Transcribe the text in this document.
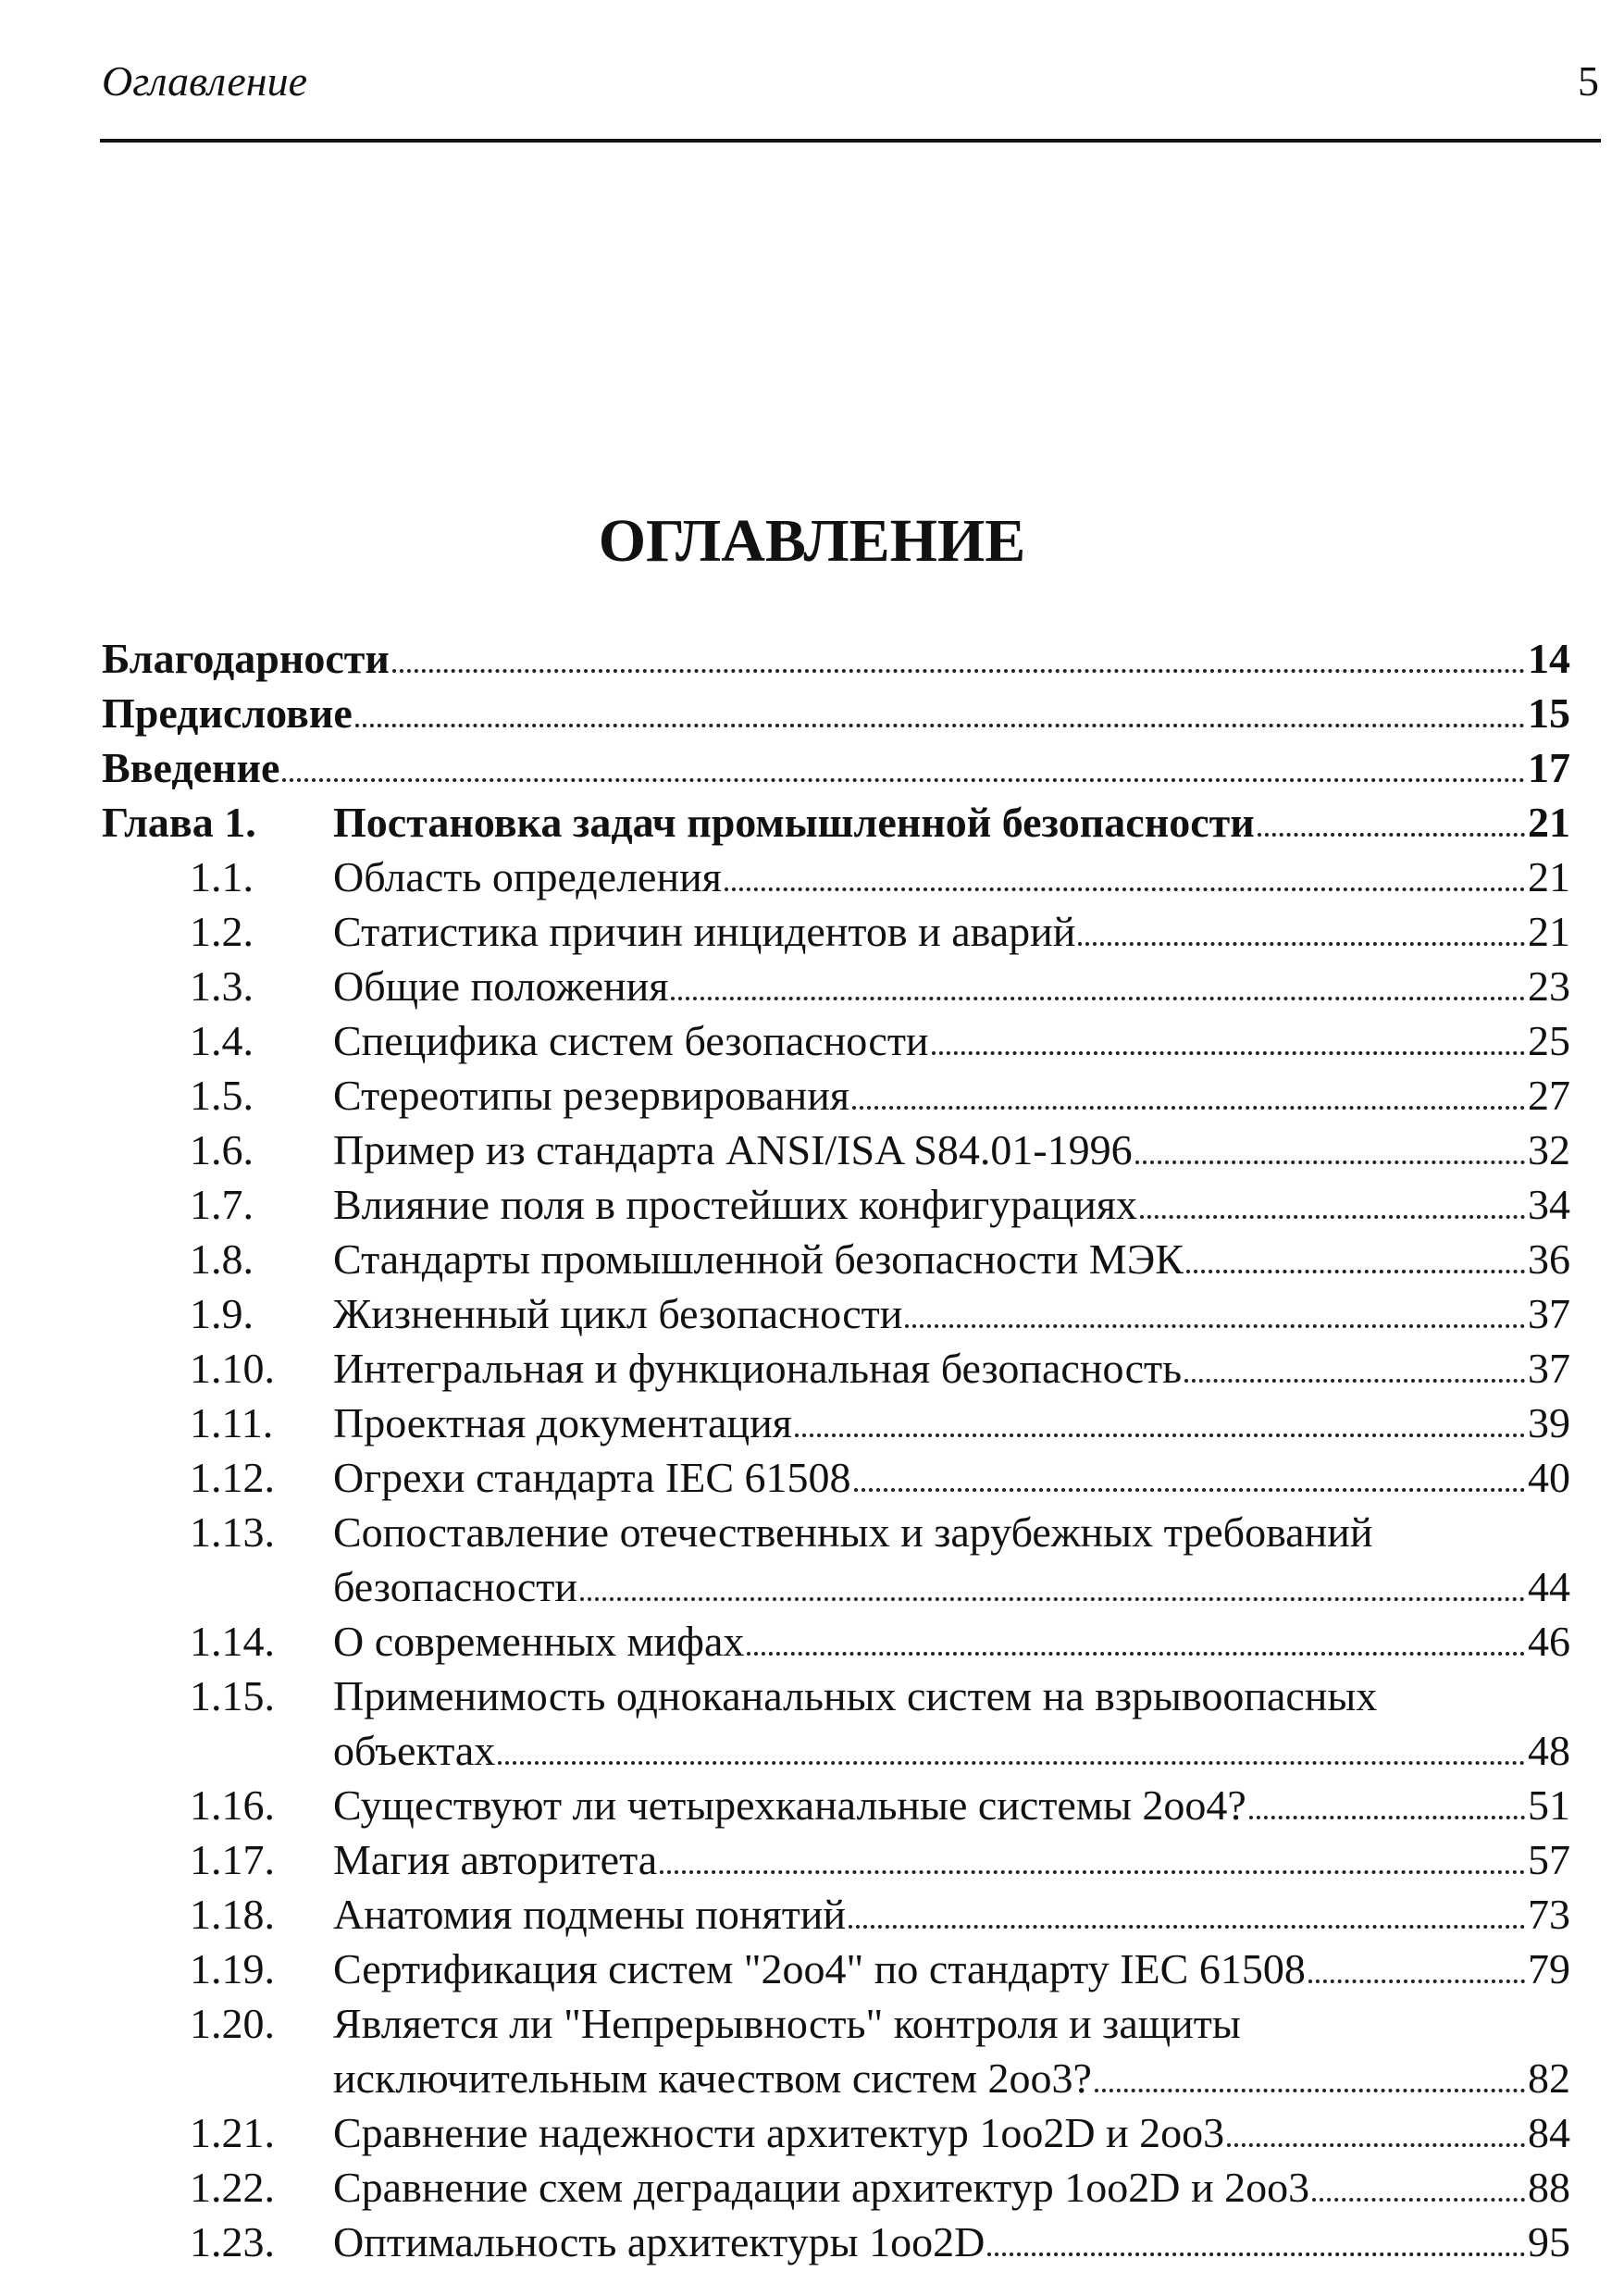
Оглавление	5
ОГЛАВЛЕНИЕ
Благодарности	14
Предисловие	15
Введение	17
Глава 1. Постановка задач промышленной безопасности	21
1.1. Область определения	21
1.2. Статистика причин инцидентов и аварий	21
1.3. Общие положения	23
1.4. Специфика систем безопасности	25
1.5. Стереотипы резервирования	27
1.6. Пример из стандарта ANSI/ISA S84.01-1996	32
1.7. Влияние поля в простейших конфигурациях	34
1.8. Стандарты промышленной безопасности МЭК	36
1.9. Жизненный цикл безопасности	37
1.10. Интегральная и функциональная безопасность	37
1.11. Проектная документация	39
1.12. Огрехи стандарта IEC 61508	40
1.13. Сопоставление отечественных и зарубежных требований
безопасности	44
1.14. О современных мифах	46
1.15. Применимость одноканальных систем на взрывоопасных
объектах	48
1.16. Существуют ли четырехканальные системы 2oo4?	51
1.17. Магия авторитета	57
1.18. Анатомия подмены понятий	73
1.19. Сертификация систем "2oo4" по стандарту IEC 61508	79
1.20. Является ли "Непрерывность" контроля и защиты
исключительным качеством систем 2oo3?	82
1.21. Сравнение надежности архитектур 1oo2D и 2oo3	84
1.22. Сравнение схем деградации архитектур 1oo2D и 2oo3	88
1.23. Оптимальность архитектуры 1oo2D	95
